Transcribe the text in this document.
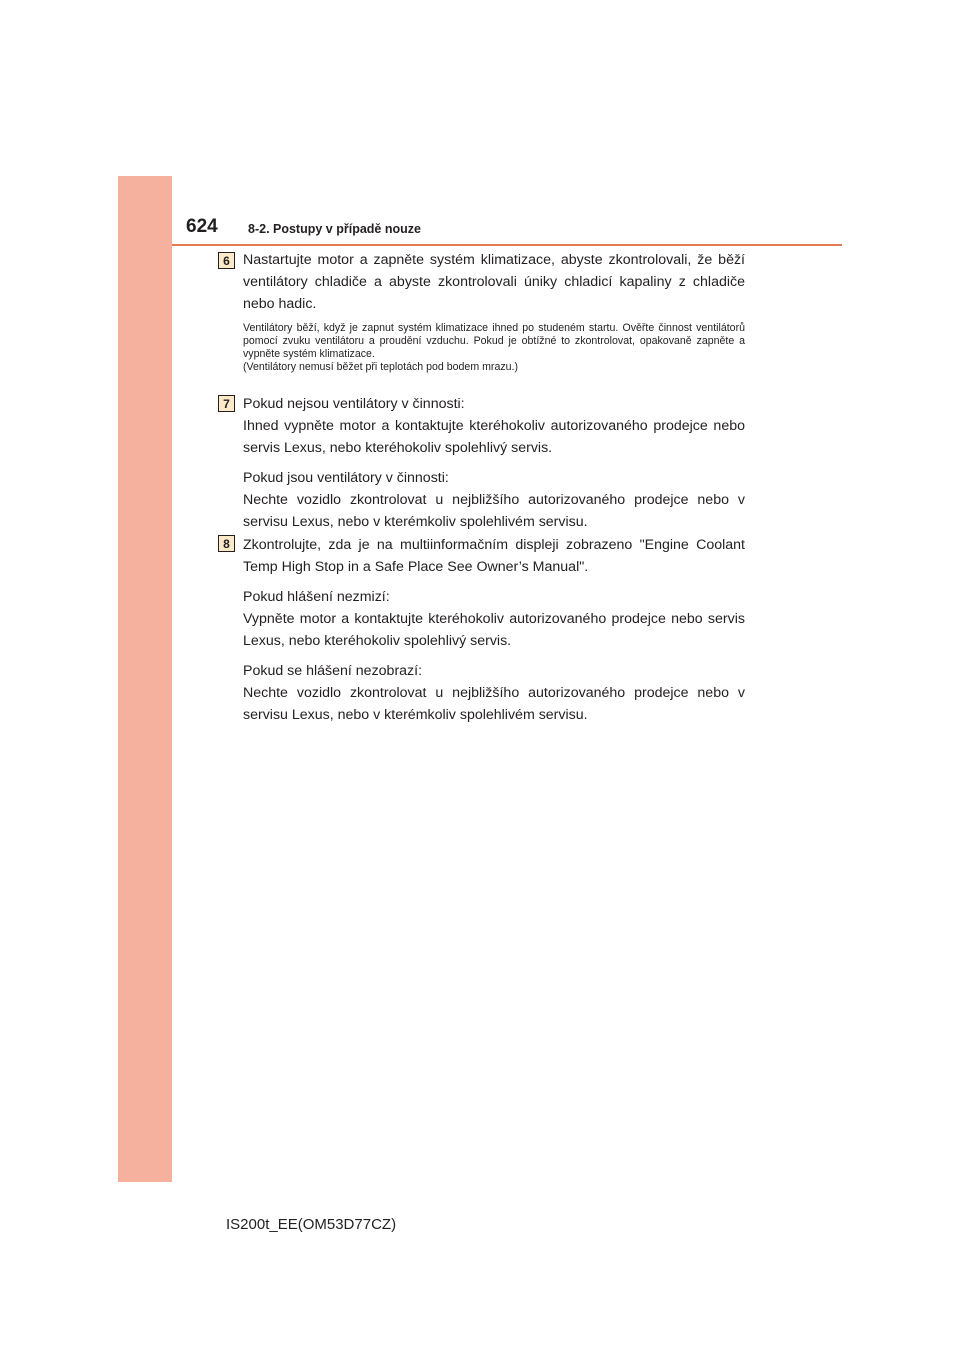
624 8-2. Postupy v případě nouze
6 Nastartujte motor a zapněte systém klimatizace, abyste zkontrolovali, že běží ventilátory chladiče a abyste zkontrolovali úniky chladicí kapaliny z chladiče nebo hadic.

Ventilátory běží, když je zapnut systém klimatizace ihned po studeném startu. Ověřte činnost ventilátorů pomocí zvuku ventilátoru a proudění vzduchu. Pokud je obtížné to zkontrolovat, opakovaně zapněte a vypněte systém klimatizace.

(Ventilátory nemusí běžet při teplotách pod bodem mrazu.)

7 Pokud nejsou ventilátory v činnosti:

Ihned vypněte motor a kontaktujte kteréhokoliv autorizovaného prodejce nebo servis Lexus, nebo kteréhokoliv spolehlivý servis.

Pokud jsou ventilátory v činnosti:

Nechte vozidlo zkontrolovat u nejbližšího autorizovaného prodejce nebo v servisu Lexus, nebo v kterémkoliv spolehlivém servisu.

8 Zkontrolujte, zda je na multiinformačním displeji zobrazeno "Engine Coolant Temp High Stop in a Safe Place See Owner’s Manual".

Pokud hlášení nezmizí:

Vypněte motor a kontaktujte kteréhokoliv autorizovaného prodejce nebo servis Lexus, nebo kteréhokoliv spolehlivý servis.

Pokud se hlášení nezobrazí:

Nechte vozidlo zkontrolovat u nejbližšího autorizovaného prodejce nebo v servisu Lexus, nebo v kterémkoliv spolehlivém servisu.

IS200t_EE(OM53D77CZ)
